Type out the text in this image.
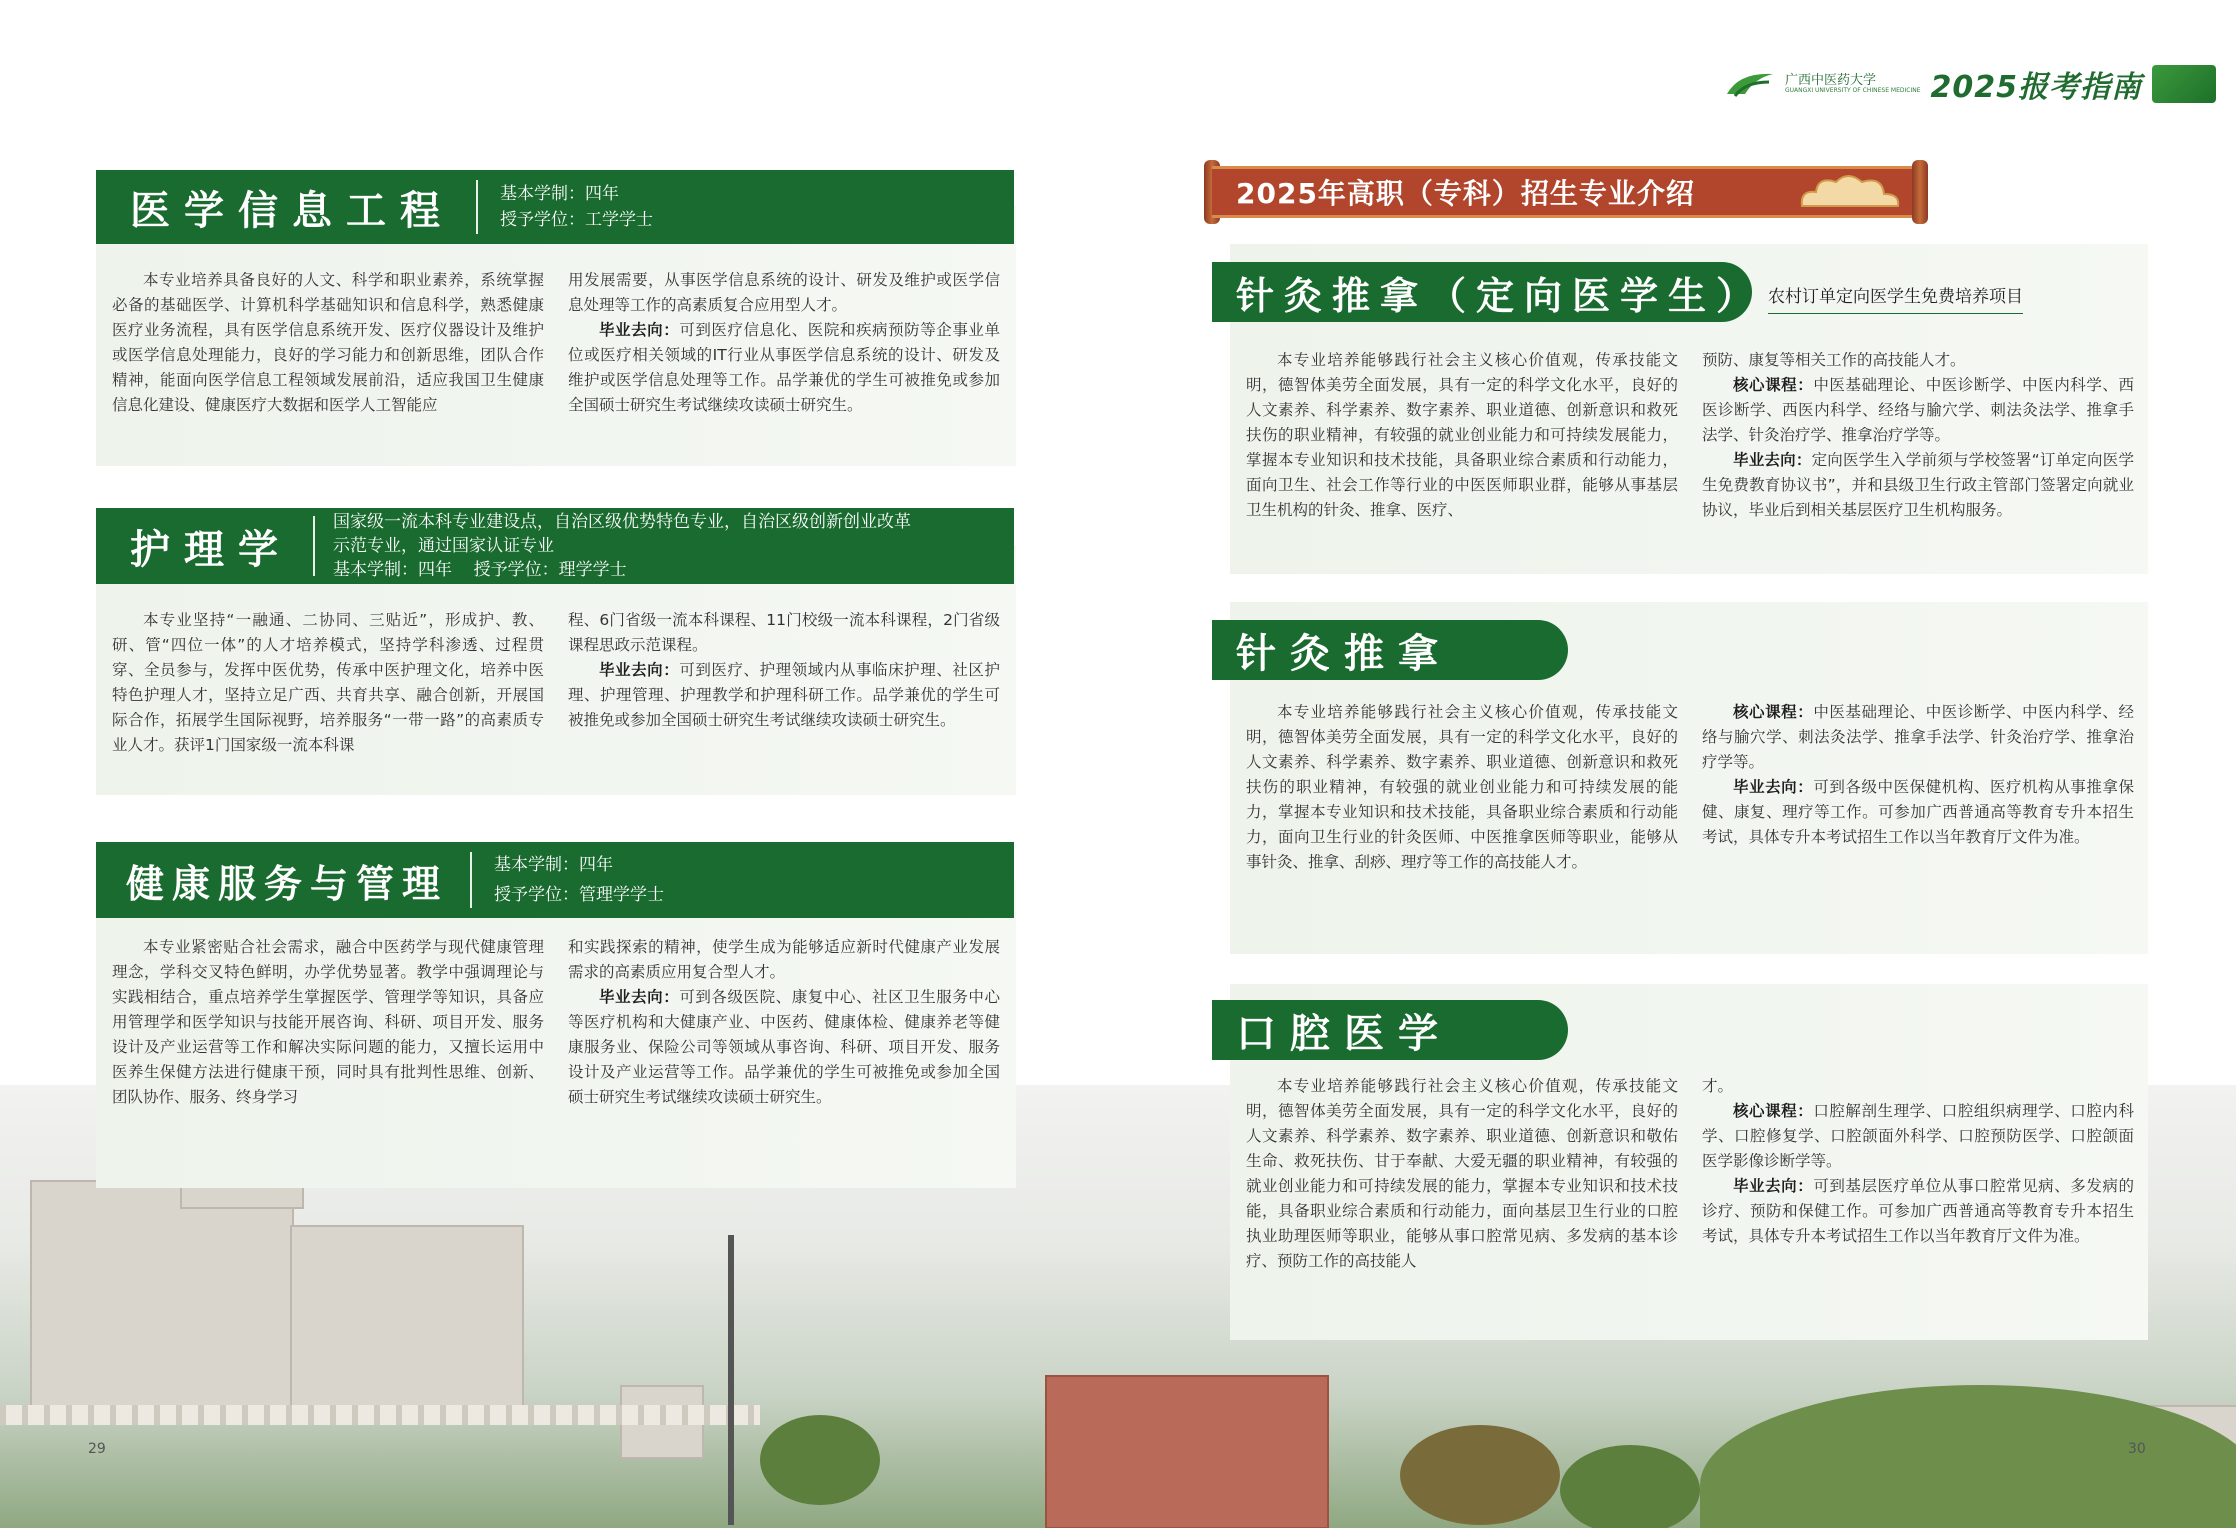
广西中医药大学
GUANGXI UNIVERSITY OF CHINESE MEDICINE 2025报考指南
医学信息工程	基本学制：四年
授予学位：工学学士

本专业培养具备良好的人文、科学和职业素养，系统掌握必备的基础医学、计算机科学基础知识和信息科学，熟悉健康医疗业务流程，具有医学信息系统开发、医疗仪器设计及维护或医学信息处理能力，良好的学习能力和创新思维，团队合作精神，能面向医学信息工程领域发展前沿，适应我国卫生健康信息化建设、健康医疗大数据和医学人工智能应

用发展需要，从事医学信息系统的设计、研发及维护或医学信息处理等工作的高素质复合应用型人才。

毕业去向：可到医疗信息化、医院和疾病预防等企事业单位或医疗相关领域的IT行业从事医学信息系统的设计、研发及维护或医学信息处理等工作。品学兼优的学生可被推免或参加全国硕士研究生考试继续攻读硕士研究生。

护理学
国家级一流本科专业建设点，自治区级优势特色专业，自治区级创新创业改革
示范专业，通过国家认证专业
基本学制：四年    授予学位：理学学士

本专业坚持“一融通、二协同、三贴近”，形成护、教、研、管“四位一体”的人才培养模式，坚持学科渗透、过程贯穿、全员参与，发挥中医优势，传承中医护理文化，培养中医特色护理人才，坚持立足广西、共育共享、融合创新，开展国际合作，拓展学生国际视野，培养服务“一带一路”的高素质专业人才。获评1门国家级一流本科课

程、6门省级一流本科课程、11门校级一流本科课程，2门省级课程思政示范课程。

毕业去向：可到医疗、护理领域内从事临床护理、社区护理、护理管理、护理教学和护理科研工作。品学兼优的学生可被推免或参加全国硕士研究生考试继续攻读硕士研究生。

健康服务与管理	基本学制：四年
授予学位：管理学学士

本专业紧密贴合社会需求，融合中医药学与现代健康管理理念，学科交叉特色鲜明，办学优势显著。教学中强调理论与实践相结合，重点培养学生掌握医学、管理学等知识，具备应用管理学和医学知识与技能开展咨询、科研、项目开发、服务设计及产业运营等工作和解决实际问题的能力，又擅长运用中医养生保健方法进行健康干预，同时具有批判性思维、创新、团队协作、服务、终身学习

和实践探索的精神，使学生成为能够适应新时代健康产业发展需求的高素质应用复合型人才。

毕业去向：可到各级医院、康复中心、社区卫生服务中心等医疗机构和大健康产业、中医药、健康体检、健康养老等健康服务业、保险公司等领域从事咨询、科研、项目开发、服务设计及产业运营等工作。品学兼优的学生可被推免或参加全国硕士研究生考试继续攻读硕士研究生。

29
2025年高职（专科）招生专业介绍
针灸推拿（定向医学生） 农村订单定向医学生免费培养项目

本专业培养能够践行社会主义核心价值观，传承技能文明，德智体美劳全面发展，具有一定的科学文化水平，良好的人文素养、科学素养、数字素养、职业道德、创新意识和救死扶伤的职业精神，有较强的就业创业能力和可持续发展能力，掌握本专业知识和技术技能，具备职业综合素质和行动能力，面向卫生、社会工作等行业的中医医师职业群，能够从事基层卫生机构的针灸、推拿、医疗、

预防、康复等相关工作的高技能人才。

核心课程：中医基础理论、中医诊断学、中医内科学、西医诊断学、西医内科学、经络与腧穴学、刺法灸法学、推拿手法学、针灸治疗学、推拿治疗学等。

毕业去向：定向医学生入学前须与学校签署“订单定向医学生免费教育协议书”，并和县级卫生行政主管部门签署定向就业协议，毕业后到相关基层医疗卫生机构服务。

针灸推拿

本专业培养能够践行社会主义核心价值观，传承技能文明，德智体美劳全面发展，具有一定的科学文化水平，良好的人文素养、科学素养、数字素养、职业道德、创新意识和救死扶伤的职业精神，有较强的就业创业能力和可持续发展的能力，掌握本专业知识和技术技能，具备职业综合素质和行动能力，面向卫生行业的针灸医师、中医推拿医师等职业，能够从事针灸、推拿、刮痧、理疗等工作的高技能人才。

核心课程：中医基础理论、中医诊断学、中医内科学、经络与腧穴学、刺法灸法学、推拿手法学、针灸治疗学、推拿治疗学等。

毕业去向：可到各级中医保健机构、医疗机构从事推拿保健、康复、理疗等工作。可参加广西普通高等教育专升本招生考试，具体专升本考试招生工作以当年教育厅文件为准。

口腔医学

本专业培养能够践行社会主义核心价值观，传承技能文明，德智体美劳全面发展，具有一定的科学文化水平，良好的人文素养、科学素养、数字素养、职业道德、创新意识和敬佑生命、救死扶伤、甘于奉献、大爱无疆的职业精神，有较强的就业创业能力和可持续发展的能力，掌握本专业知识和技术技能，具备职业综合素质和行动能力，面向基层卫生行业的口腔执业助理医师等职业，能够从事口腔常见病、多发病的基本诊疗、预防工作的高技能人

才。

核心课程：口腔解剖生理学、口腔组织病理学、口腔内科学、口腔修复学、口腔颌面外科学、口腔预防医学、口腔颌面医学影像诊断学等。

毕业去向：可到基层医疗单位从事口腔常见病、多发病的诊疗、预防和保健工作。可参加广西普通高等教育专升本招生考试，具体专升本考试招生工作以当年教育厅文件为准。

30
